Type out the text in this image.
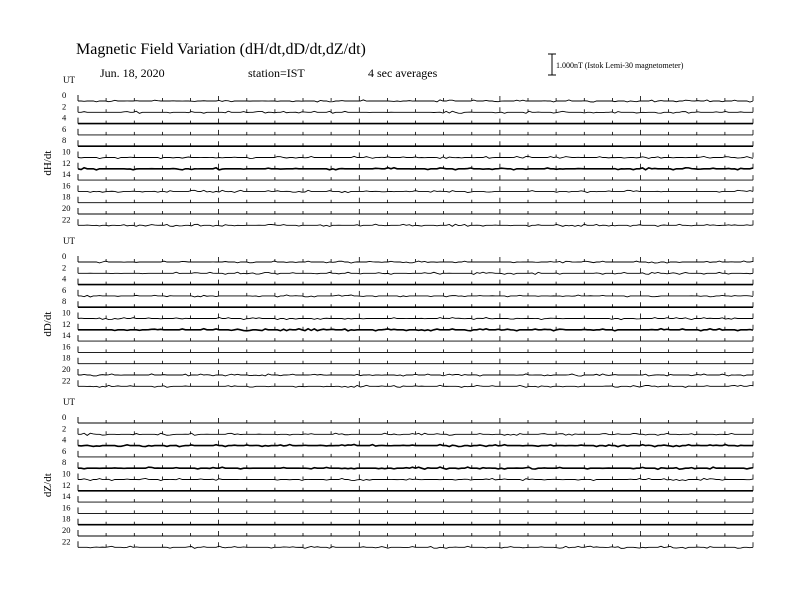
Magnetic Field Variation (dH/dt,dD/dt,dZ/dt)
Jun. 18, 2020	station=IST	4 sec averages
1.000nT (Istok Lemi-30 magnetometer)
UT
dH/dt
0
2
4
6
8
10
12
14
16
18
20
22
UT
dD/dt
0
2
4
6
8
10
12
14
16
18
20
22
UT
dZ/dt
0
2
4
6
8
10
12
14
16
18
20
22
